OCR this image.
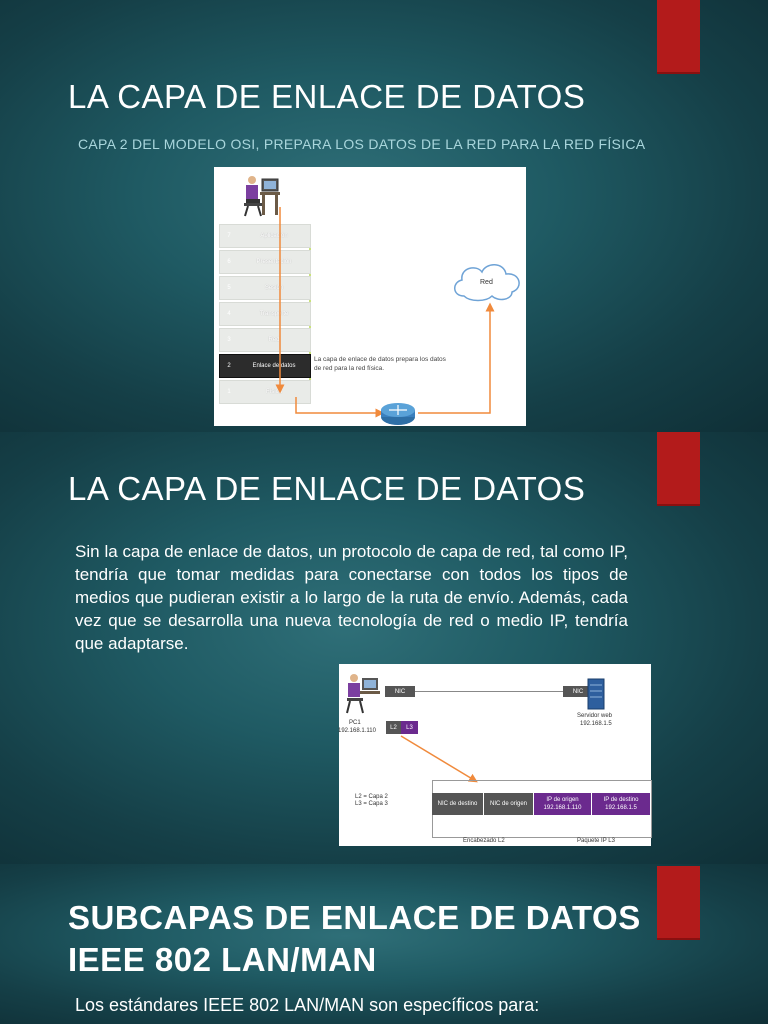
LA CAPA DE ENLACE DE DATOS

CAPA 2 DEL MODELO OSI, PREPARA LOS DATOS DE LA RED PARA LA RED FÍSICA

7	Aplicación
6	Presentación
5	Sesión
4	Transporte
3	Red
2	Enlace de datos
1	Física
Red

La capa de enlace de datos prepara los datos de red para la red física.

LA CAPA DE ENLACE DE DATOS

Sin la capa de enlace de datos, un protocolo de capa de red, tal como IP, tendría que tomar medidas para conectarse con todos los tipos de medios que pudieran existir a lo largo de la ruta de envío. Además, cada vez que se desarrolla una nueva tecnología de red o medio IP, tendría que adaptarse.

NIC	NIC
PC1
192.168.1.110
Servidor web
192.168.1.5
L2	L3
L2 = Capa 2
L3 = Capa 3	NIC de destino	NIC de origen
IP de origen 192.168.1.110
IP de destino 192.168.1.5
Encabezado L2	Paquete IP L3

SUBCAPAS DE ENLACE DE DATOS

IEEE 802 LAN/MAN

Los estándares IEEE 802 LAN/MAN son específicos para:
